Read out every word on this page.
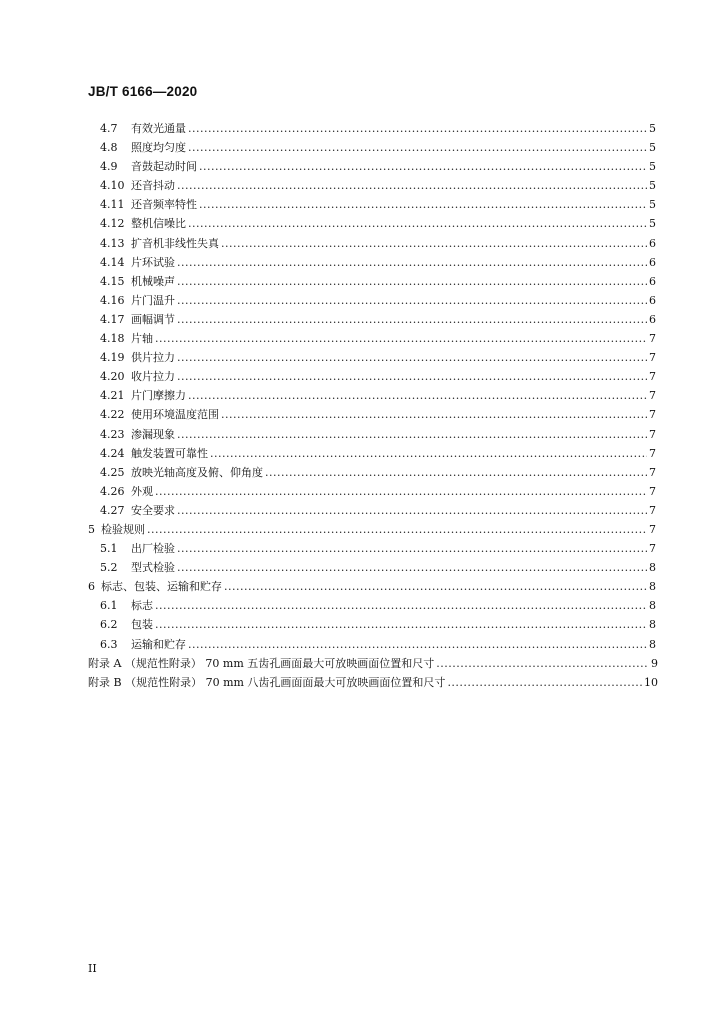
JB/T 6166—2020
4.7 有效光通量 .....	5
4.8 照度均匀度 .....	5
4.9 音鼓起动时间 .....	5
4.10 还音抖动 .....	5
4.11 还音频率特性 .....	5
4.12 整机信噪比 .....	5
4.13 扩音机非线性失真 .....	6
4.14 片环试验 .....	6
4.15 机械噪声 .....	6
4.16 片门温升 .....	6
4.17 画幅调节 .....	6
4.18 片轴 .....	7
4.19 供片拉力 .....	7
4.20 收片拉力 .....	7
4.21 片门摩擦力 .....	7
4.22 使用环境温度范围 .....	7
4.23 渗漏现象 .....	7
4.24 触发装置可靠性 .....	7
4.25 放映光轴高度及俯、仰角度 .....	7
4.26 外观 .....	7
4.27 安全要求 .....	7
5 检验规则 .....	7
5.1 出厂检验 .....	7
5.2 型式检验 .....	8
6 标志、包装、运输和贮存 .....	8
6.1 标志 .....	8
6.2 包装 .....	8
6.3 运输和贮存 .....	8
附录 A （规范性附录） 70 mm 五齿孔画面最大可放映画面位置和尺寸 .....	9
附录 B （规范性附录） 70 mm 八齿孔画面面最大可放映画面位置和尺寸 .....	10
II
